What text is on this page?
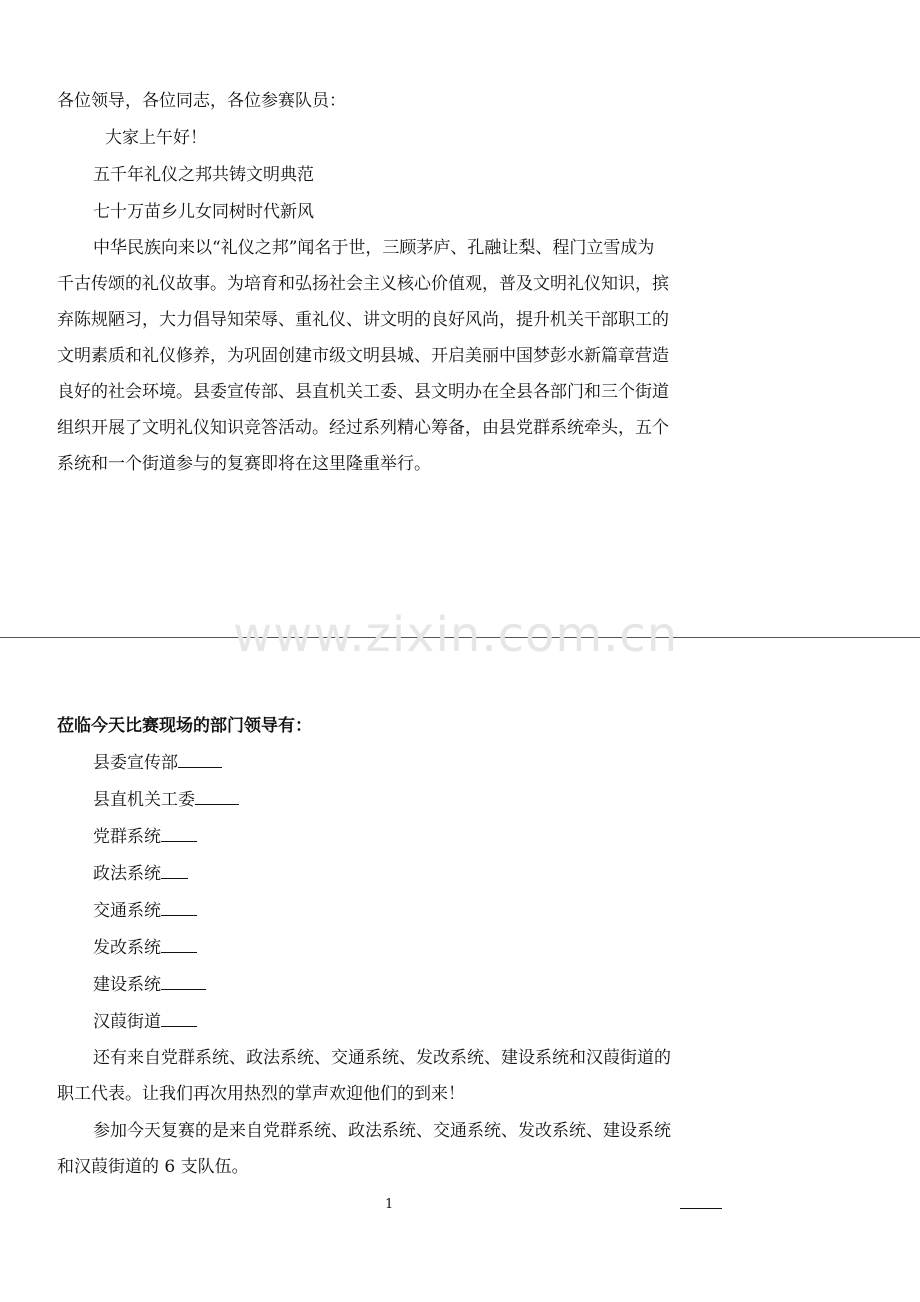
各位领导，各位同志，各位参赛队员：

大家上午好！

五千年礼仪之邦共铸文明典范

七十万苗乡儿女同树时代新风

中华民族向来以“礼仪之邦”闻名于世，三顾茅庐、孔融让梨、程门立雪成为

千古传颂的礼仪故事。为培育和弘扬社会主义核心价值观，普及文明礼仪知识，摈

弃陈规陋习，大力倡导知荣辱、重礼仪、讲文明的良好风尚，提升机关干部职工的

文明素质和礼仪修养，为巩固创建市级文明县城、开启美丽中国梦彭水新篇章营造

良好的社会环境。县委宣传部、县直机关工委、县文明办在全县各部门和三个街道

组织开展了文明礼仪知识竞答活动。经过系列精心筹备，由县党群系统牵头，五个

系统和一个街道参与的复赛即将在这里隆重举行。

www.zixin.com.cn

莅临今天比赛现场的部门领导有：

县委宣传部

县直机关工委

党群系统

政法系统

交通系统

发改系统

建设系统

汉葭街道

还有来自党群系统、政法系统、交通系统、发改系统、建设系统和汉葭街道的

职工代表。让我们再次用热烈的掌声欢迎他们的到来！

参加今天复赛的是来自党群系统、政法系统、交通系统、发改系统、建设系统

和汉葭街道的 6 支队伍。

1
